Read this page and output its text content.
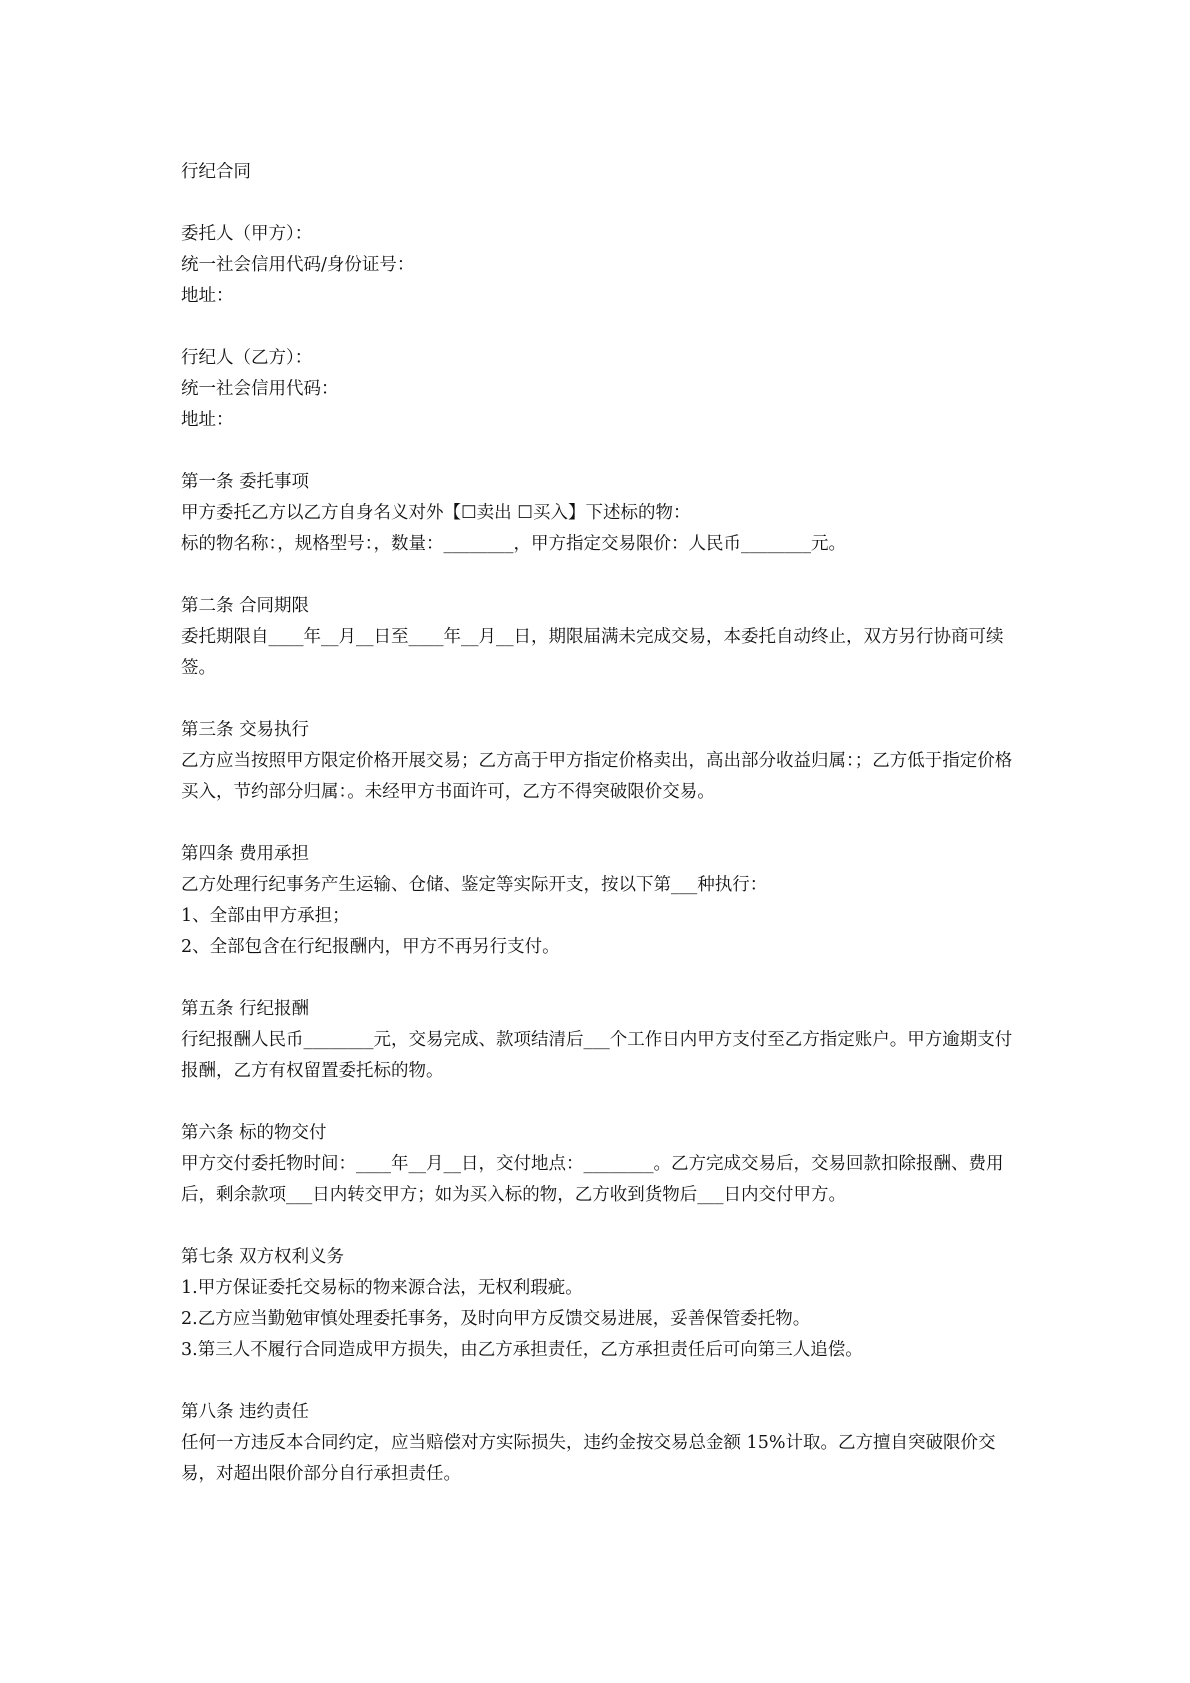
行纪合同
委托人（甲方）：
统一社会信用代码/身份证号：
地址：
行纪人（乙方）：
统一社会信用代码：
地址：
第一条 委托事项
甲方委托乙方以乙方自身名义对外【☐卖出 ☐买入】下述标的物：
标的物名称：，规格型号：，数量：________，甲方指定交易限价：人民币________元。
第二条 合同期限
委托期限自____年__月__日至____年__月__日，期限届满未完成交易，本委托自动终止，双方另行协商可续签。
第三条 交易执行
乙方应当按照甲方限定价格开展交易；乙方高于甲方指定价格卖出，高出部分收益归属：；乙方低于指定价格买入，节约部分归属：。未经甲方书面许可，乙方不得突破限价交易。
第四条 费用承担
乙方处理行纪事务产生运输、仓储、鉴定等实际开支，按以下第___种执行：
1、全部由甲方承担；
2、全部包含在行纪报酬内，甲方不再另行支付。
第五条 行纪报酬
行纪报酬人民币________元，交易完成、款项结清后___个工作日内甲方支付至乙方指定账户。甲方逾期支付报酬，乙方有权留置委托标的物。
第六条 标的物交付
甲方交付委托物时间：____年__月__日，交付地点：________。乙方完成交易后，交易回款扣除报酬、费用后，剩余款项___日内转交甲方；如为买入标的物，乙方收到货物后___日内交付甲方。
第七条 双方权利义务
1.甲方保证委托交易标的物来源合法，无权利瑕疵。
2.乙方应当勤勉审慎处理委托事务，及时向甲方反馈交易进展，妥善保管委托物。
3.第三人不履行合同造成甲方损失，由乙方承担责任，乙方承担责任后可向第三人追偿。
第八条 违约责任
任何一方违反本合同约定，应当赔偿对方实际损失，违约金按交易总金额 15%计取。乙方擅自突破限价交易，对超出限价部分自行承担责任。
